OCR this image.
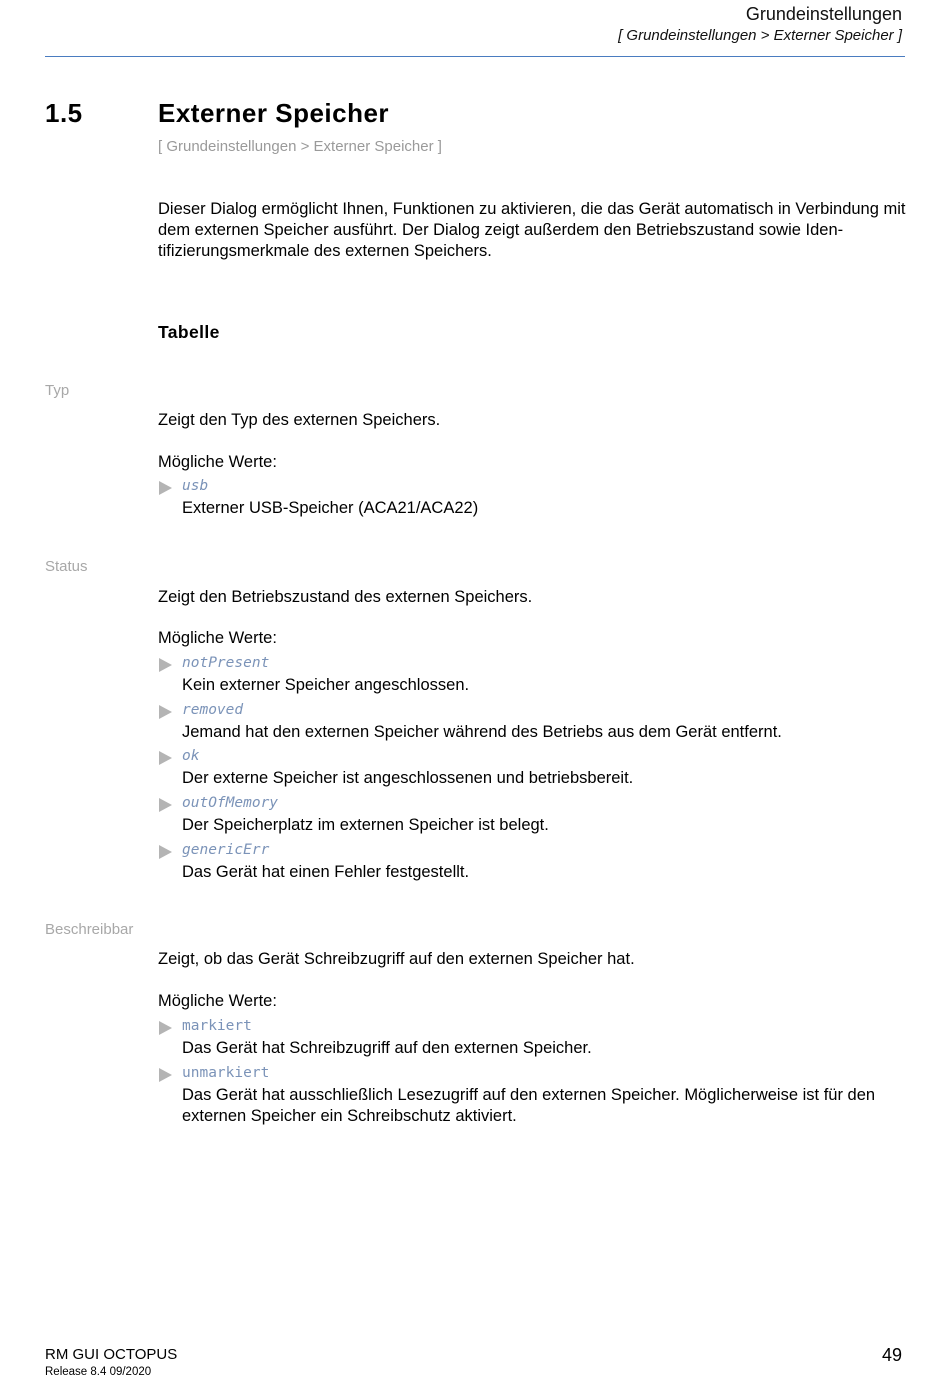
Grundeinstellungen
[ Grundeinstellungen > Externer Speicher ]
1.5	Externer Speicher
[ Grundeinstellungen > Externer Speicher ]
Dieser Dialog ermöglicht Ihnen, Funktionen zu aktivieren, die das Gerät automatisch in Verbindung mit dem externen Speicher ausführt. Der Dialog zeigt außerdem den Betriebszustand sowie Iden-tifizierungsmerkmale des externen Speichers.
Tabelle
Typ
Zeigt den Typ des externen Speichers.
Mögliche Werte:
usb
Externer USB-Speicher (ACA21/ACA22)
Status
Zeigt den Betriebszustand des externen Speichers.
Mögliche Werte:
notPresent
Kein externer Speicher angeschlossen.
removed
Jemand hat den externen Speicher während des Betriebs aus dem Gerät entfernt.
ok
Der externe Speicher ist angeschlossenen und betriebsbereit.
outOfMemory
Der Speicherplatz im externen Speicher ist belegt.
genericErr
Das Gerät hat einen Fehler festgestellt.
Beschreibbar
Zeigt, ob das Gerät Schreibzugriff auf den externen Speicher hat.
Mögliche Werte:
markiert
Das Gerät hat Schreibzugriff auf den externen Speicher.
unmarkiert
Das Gerät hat ausschließlich Lesezugriff auf den externen Speicher. Möglicherweise ist für den externen Speicher ein Schreibschutz aktiviert.
RM GUI OCTOPUS
Release 8.4 09/2020
49
